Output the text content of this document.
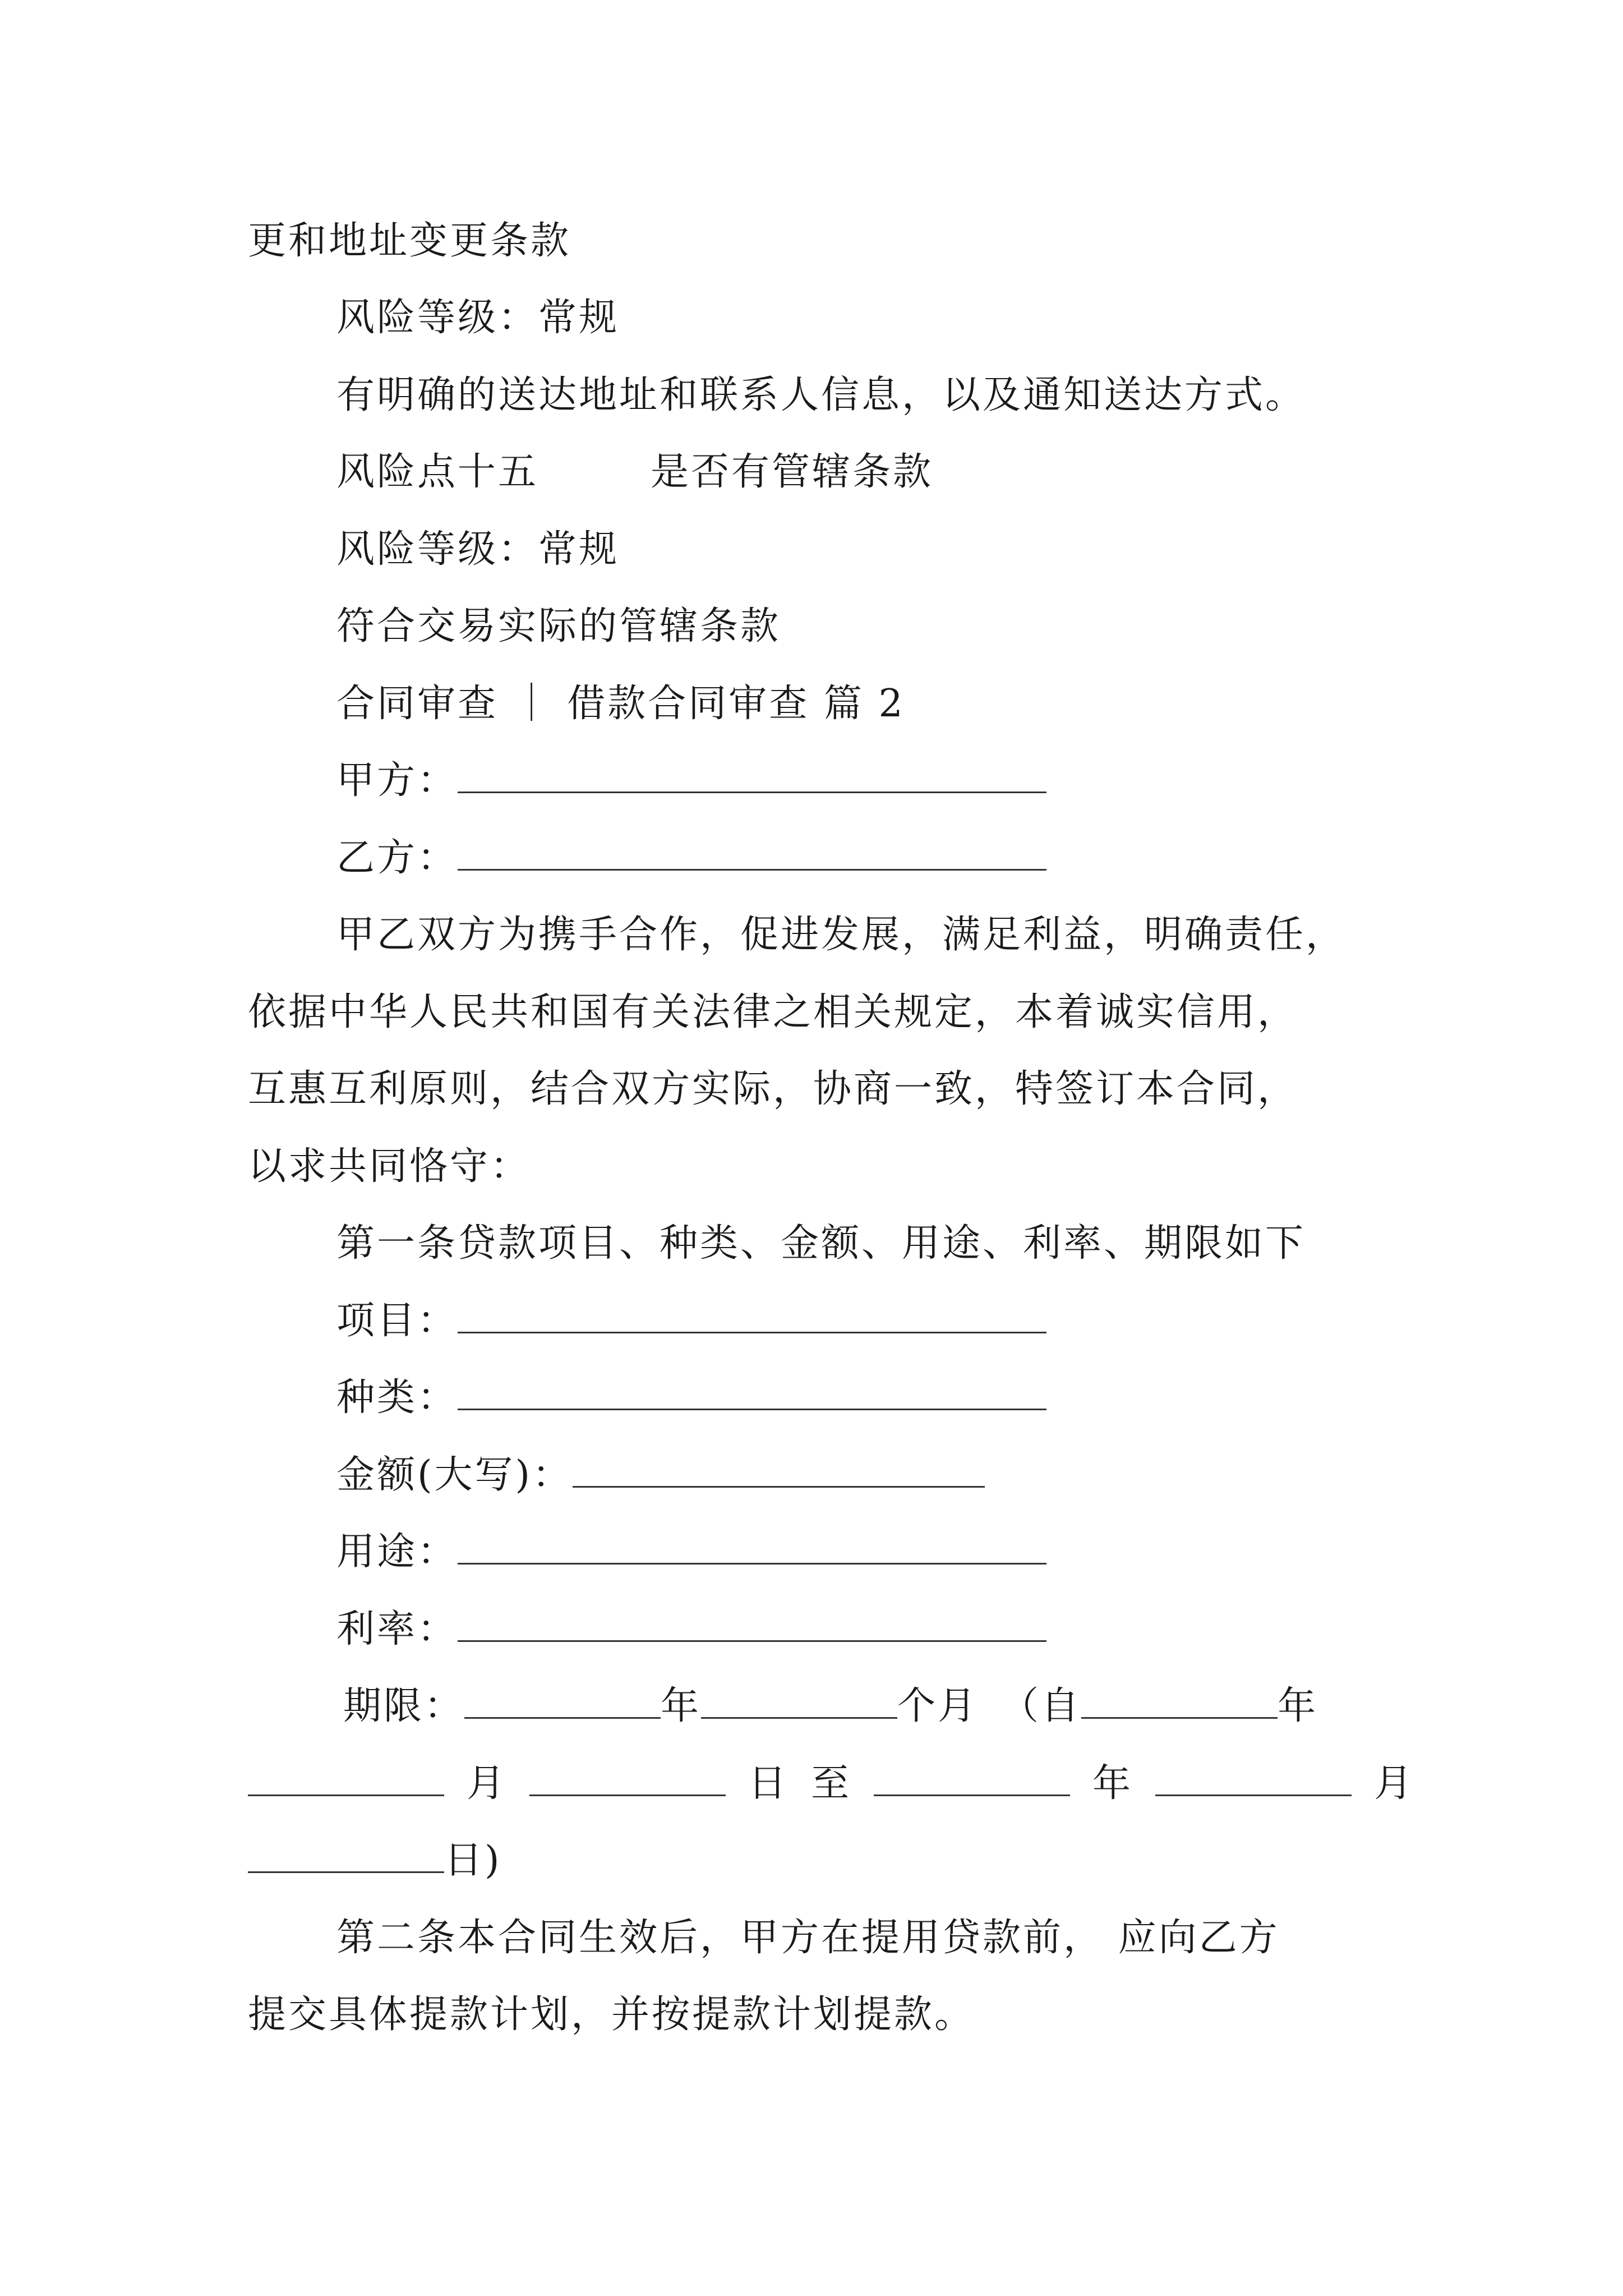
更和地址变更条款
风险等级：常规
有明确的送达地址和联系人信息，以及通知送达方式。
风险点十五	是否有管辖条款
风险等级：常规
符合交易实际的管辖条款
合同审查 ｜ 借款合同审查 篇 2
甲方：
乙方：
甲乙双方为携手合作，促进发展，满足利益，明确责任，
依据中华人民共和国有关法律之相关规定，本着诚实信用，
互惠互利原则，结合双方实际，协商一致，特签订本合同，
以求共同恪守：
第一条贷款项目、种类、金额、用途、利率、期限如下
项目：
种类：
金额(大写)：
用途：
利率：
期限：	年	个月 （自	年
月	日 至	年	月
日)
第二条本合同生效后，甲方在提用贷款前， 应向乙方
提交具体提款计划，并按提款计划提款。
